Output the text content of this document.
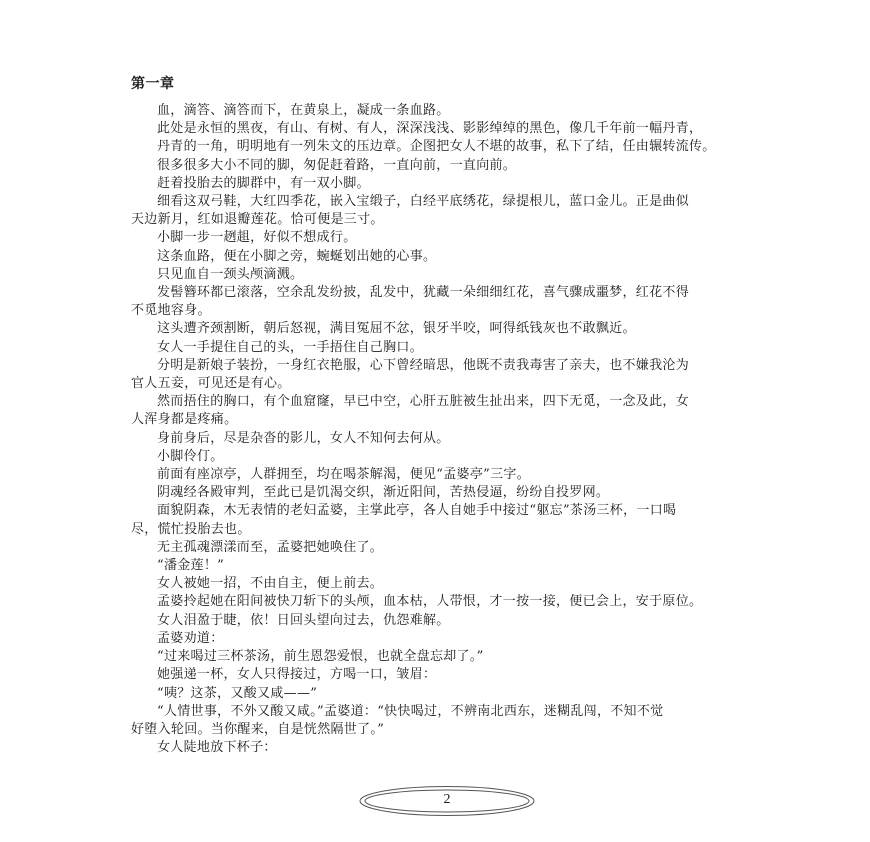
第一章

血，滴答、滴答而下，在黄泉上，凝成一条血路。

此处是永恒的黑夜，有山、有树、有人，深深浅浅、影影绰绰的黑色，像几千年前一幅丹青，

丹青的一角，明明地有一列朱文的压边章。企图把女人不堪的故事，私下了结，任由辗转流传。

很多很多大小不同的脚，匆促赶着路，一直向前，一直向前。

赶着投胎去的脚群中，有一双小脚。

细看这双弓鞋，大红四季花，嵌入宝缎子，白经平底绣花，绿提根儿，蓝口金儿。正是曲似

天边新月，红如退瓣莲花。恰可便是三寸。

小脚一步一趔趄，好似不想成行。

这条血路，便在小脚之旁，蜿蜒划出她的心事。

只见血自一颈头颅滴溅。

发髻簪环都已滚落，空余乱发纷披，乱发中，犹藏一朵细细红花，喜气骤成噩梦，红花不得

不觅地容身。

这头遭齐颈割断，朝后怒视，满目冤屈不忿，银牙半咬，呵得纸钱灰也不敢飘近。

女人一手提住自己的头，一手捂住自己胸口。

分明是新娘子装扮，一身红衣艳服，心下曾经暗思，他既不责我毒害了亲夫，也不嫌我沦为

官人五妾，可见还是有心。

然而捂住的胸口，有个血窟窿，早已中空，心肝五脏被生扯出来，四下无觅，一念及此，女

人浑身都是疼痛。

身前身后，尽是杂沓的影儿，女人不知何去何从。

小脚伶仃。

前面有座凉亭，人群拥至，均在喝茶解渴，便见“孟婆亭”三字。

阴魂经各殿审判，至此已是饥渴交织，渐近阳间，苦热侵逼，纷纷自投罗网。

面貌阴森，木无表情的老妇孟婆，主掌此亭，各人自她手中接过“躯忘”茶汤三杯，一口喝

尽，慌忙投胎去也。

无主孤魂漂漾而至，孟婆把她唤住了。

“潘金莲！”

女人被她一招，不由自主，便上前去。

孟婆拎起她在阳间被快刀斩下的头颅，血本枯，人带恨，才一按一接，便已会上，安于原位。

女人泪盈于睫，依！日回头望向过去，仇怨难解。

孟婆劝道：

“过来喝过三杯茶汤，前生恩怨爱恨，也就全盘忘却了。”

她强递一杯，女人只得接过，方喝一口，皱眉：

“咦？这茶，又酸又咸——”

“人情世事，不外又酸又咸。”孟婆道：“快快喝过，不辨南北西东，迷糊乱闯，不知不觉

好堕入轮回。当你醒来，自是恍然隔世了。”

女人陡地放下杯子：

2
